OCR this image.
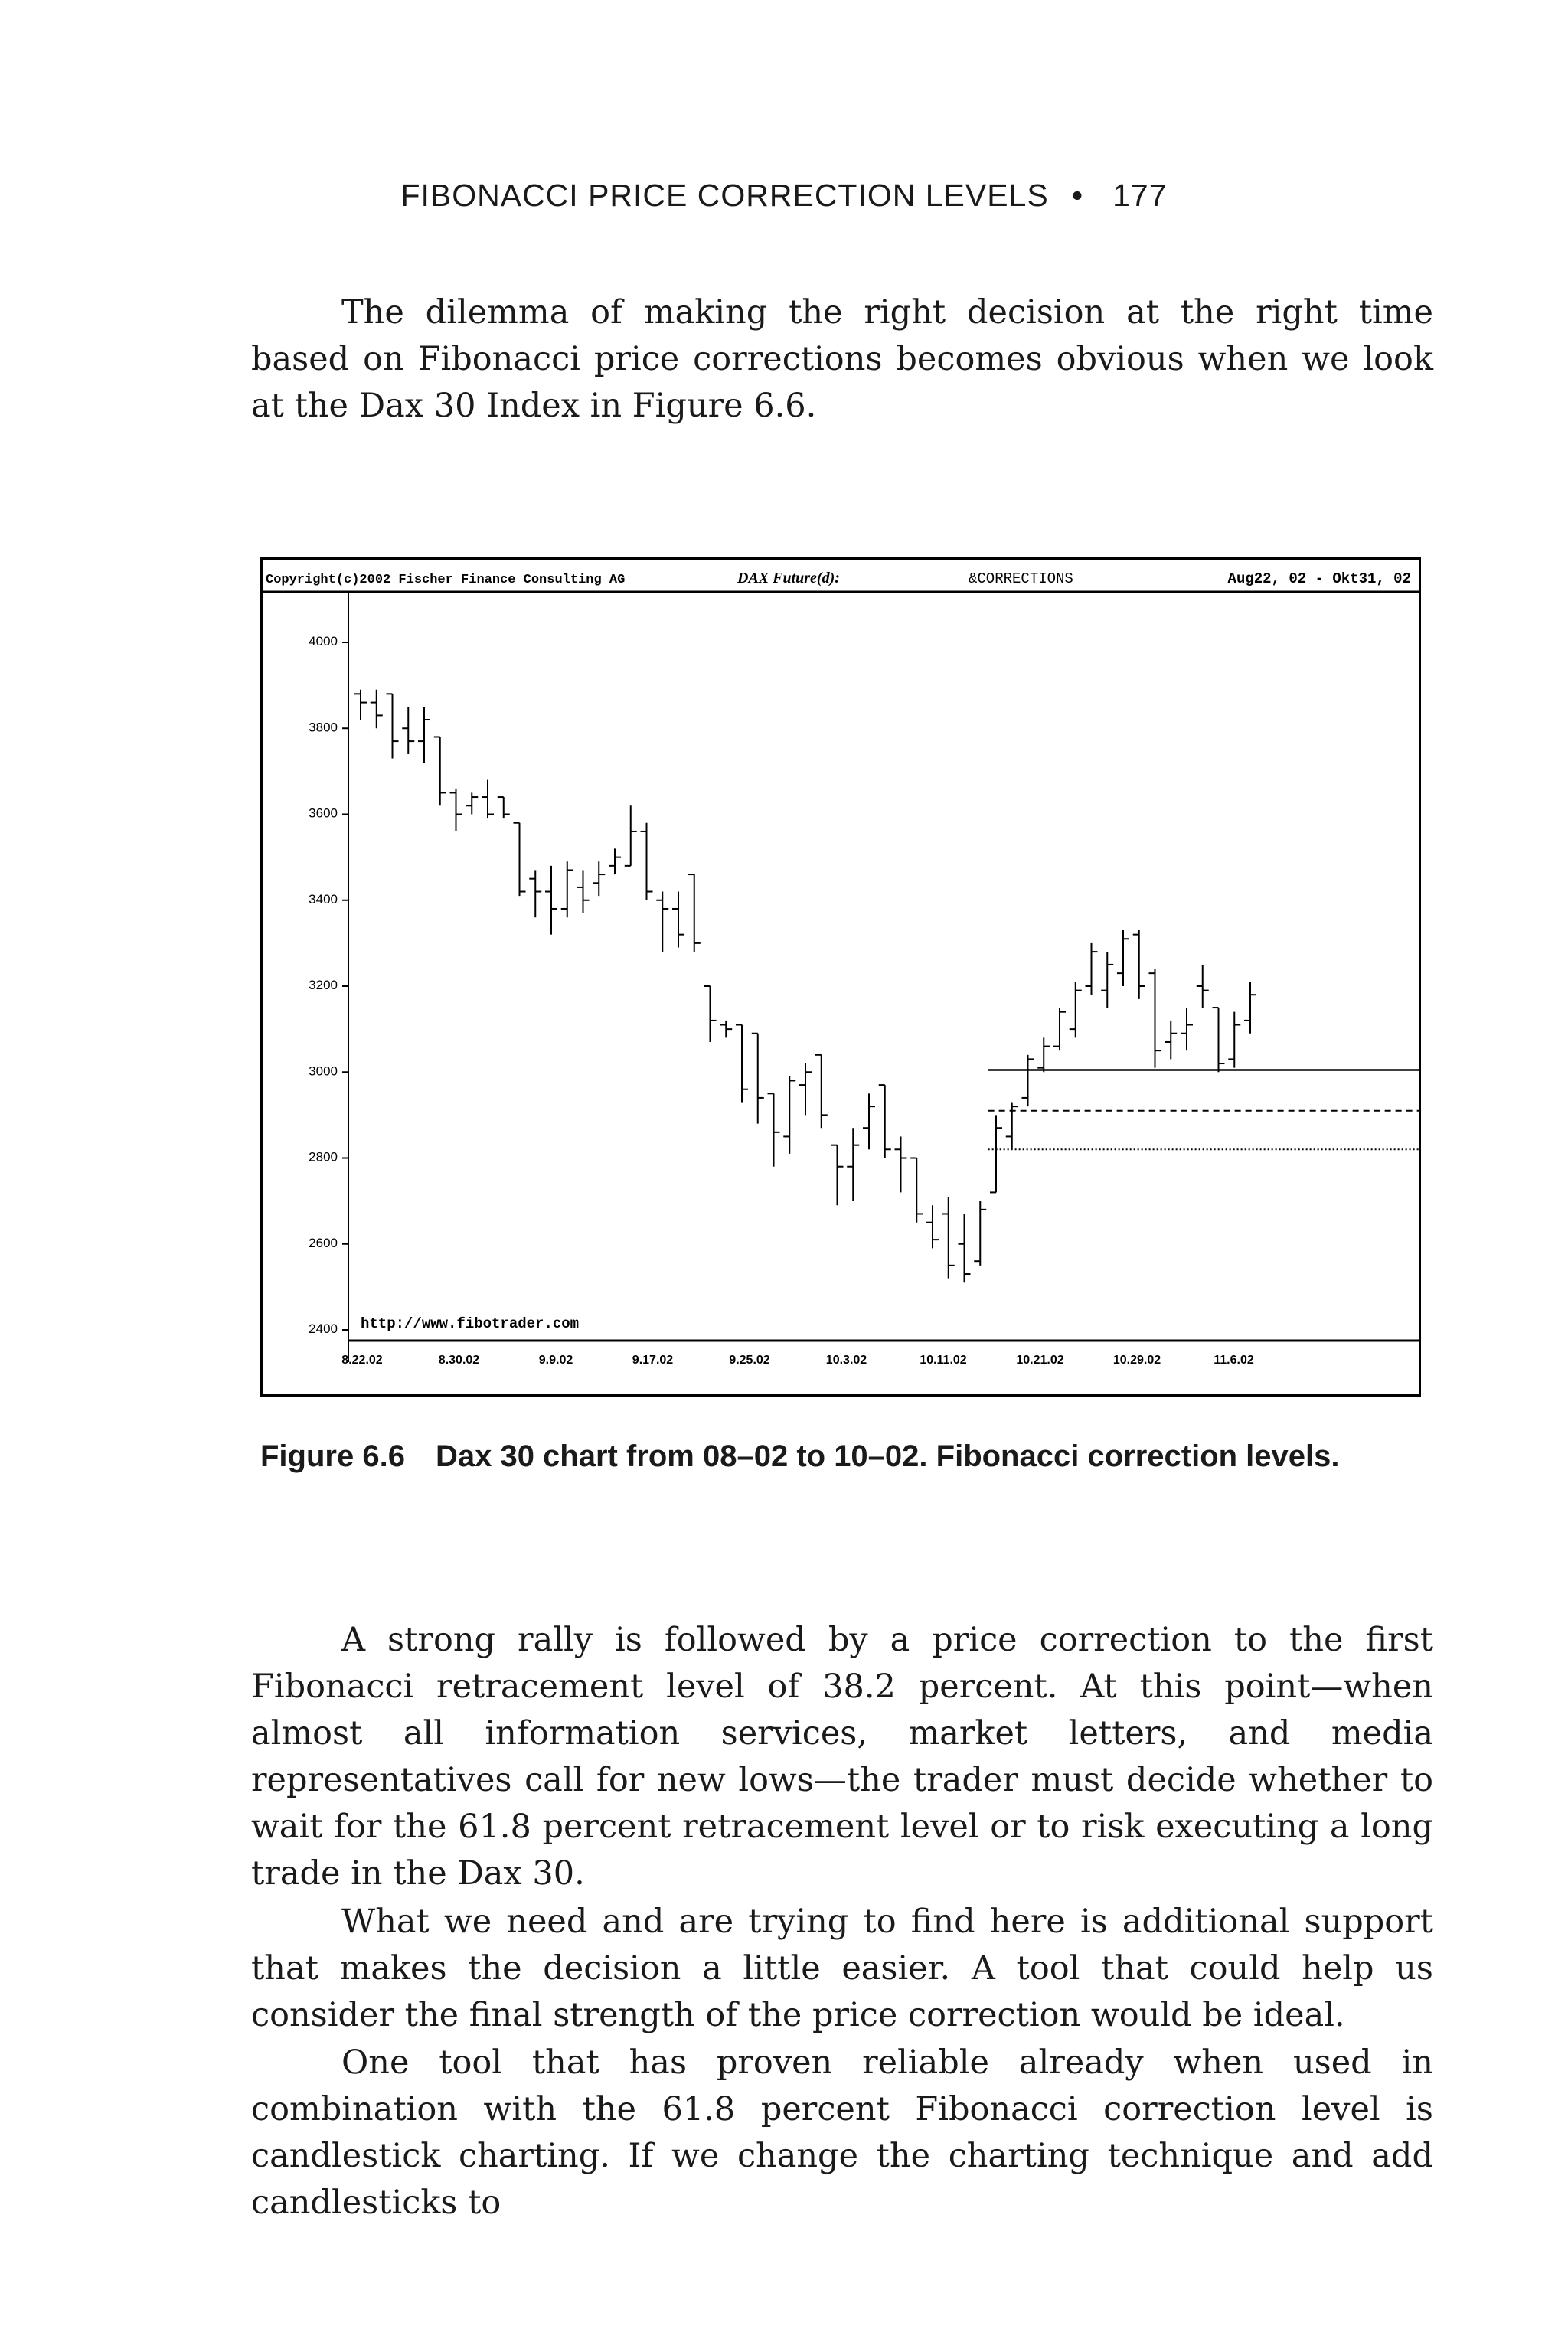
FIBONACCI PRICE CORRECTION LEVELS • 177

The dilemma of making the right decision at the right time based on Fibonacci price corrections becomes obvious when we look at the Dax 30 Index in Figure 6.6.

Copyright(c)2002 Fischer Finance Consulting AG	DAX Future(d):	&CORRECTIONS	Aug22, 02 - Okt31, 02
4000
3800
3600
3400
3200
3000
2800
2600
2400
8.22.02	8.30.02	9.9.02	9.17.02	9.25.02	10.3.02	10.11.02	10.21.02	10.29.02	11.6.02
http://www.fibotrader.com
Figure 6.6 Dax 30 chart from 08–02 to 10–02. Fibonacci correction levels.

A strong rally is followed by a price correction to the first Fibonacci retracement level of 38.2 percent. At this point—when almost all information services, market letters, and media representatives call for new lows—the trader must decide whether to wait for the 61.8 percent retracement level or to risk executing a long trade in the Dax 30.

What we need and are trying to find here is additional support that makes the decision a little easier. A tool that could help us consider the final strength of the price correction would be ideal.

One tool that has proven reliable already when used in combination with the 61.8 percent Fibonacci correction level is candlestick charting. If we change the charting technique and add candlesticks to
